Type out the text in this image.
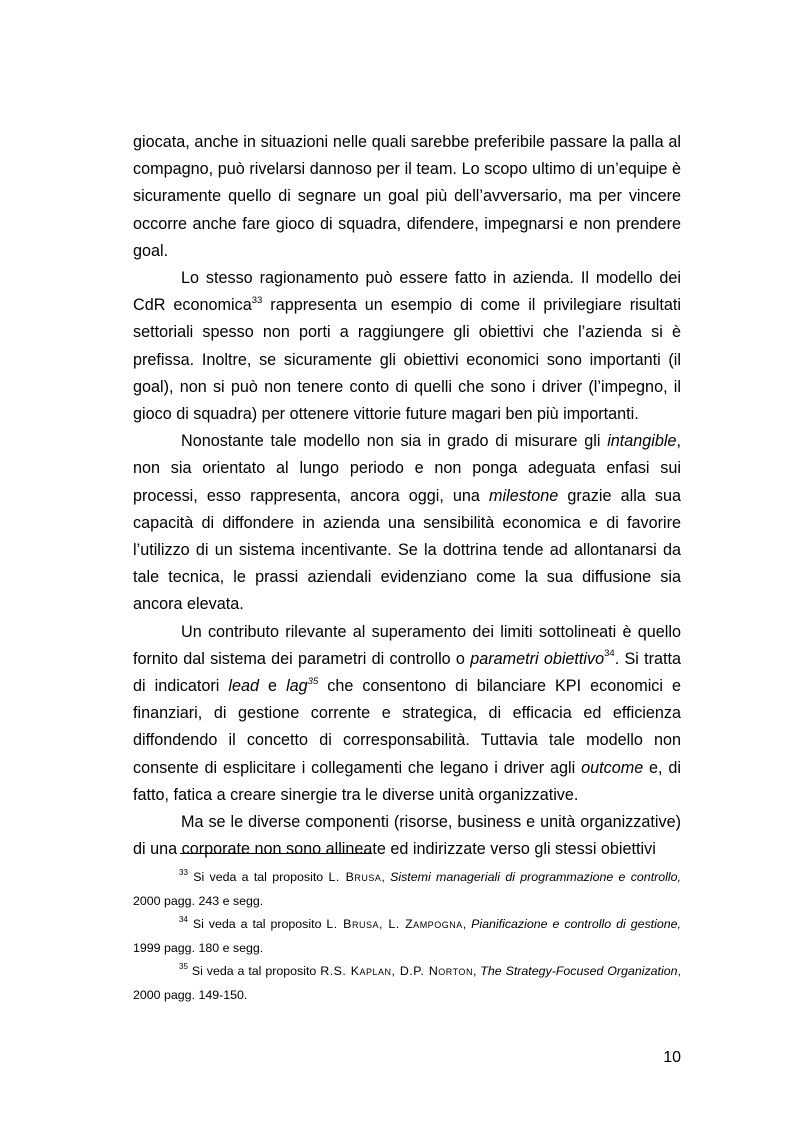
giocata, anche in situazioni nelle quali sarebbe preferibile passare la palla al compagno, può rivelarsi dannoso per il team. Lo scopo ultimo di un’equipe è sicuramente quello di segnare un goal più dell’avversario, ma per vincere occorre anche fare gioco di squadra, difendere, impegnarsi e non prendere goal.

Lo stesso ragionamento può essere fatto in azienda. Il modello dei CdR economica$^{33}$ rappresenta un esempio di come il privilegiare risultati settoriali spesso non porti a raggiungere gli obiettivi che l’azienda si è prefissa. Inoltre, se sicuramente gli obiettivi economici sono importanti (il goal), non si può non tenere conto di quelli che sono i driver (l’impegno, il gioco di squadra) per ottenere vittorie future magari ben più importanti.

Nonostante tale modello non sia in grado di misurare gli intangible, non sia orientato al lungo periodo e non ponga adeguata enfasi sui processi, esso rappresenta, ancora oggi, una milestone grazie alla sua capacità di diffondere in azienda una sensibilità economica e di favorire l’utilizzo di un sistema incentivante. Se la dottrina tende ad allontanarsi da tale tecnica, le prassi aziendali evidenziano come la sua diffusione sia ancora elevata.

Un contributo rilevante al superamento dei limiti sottolineati è quello fornito dal sistema dei parametri di controllo o parametri obiettivo$^{34}$. Si tratta di indicatori lead e lag$^{35}$ che consentono di bilanciare KPI economici e finanziari, di gestione corrente e strategica, di efficacia ed efficienza diffondendo il concetto di corresponsabilità. Tuttavia tale modello non consente di esplicitare i collegamenti che legano i driver agli outcome e, di fatto, fatica a creare sinergie tra le diverse unità organizzative.

Ma se le diverse componenti (risorse, business e unità organizzative) di una corporate non sono allineate ed indirizzate verso gli stessi obiettivi

$^{33}$ Si veda a tal proposito L. Brusa, Sistemi manageriali di programmazione e controllo, 2000 pagg. 243 e segg.

$^{34}$ Si veda a tal proposito L. Brusa, L. Zampogna, Pianificazione e controllo di gestione, 1999 pagg. 180 e segg.

$^{35}$ Si veda a tal proposito R.S. Kaplan, D.P. Norton, The Strategy-Focused Organization, 2000 pagg. 149-150.

10
